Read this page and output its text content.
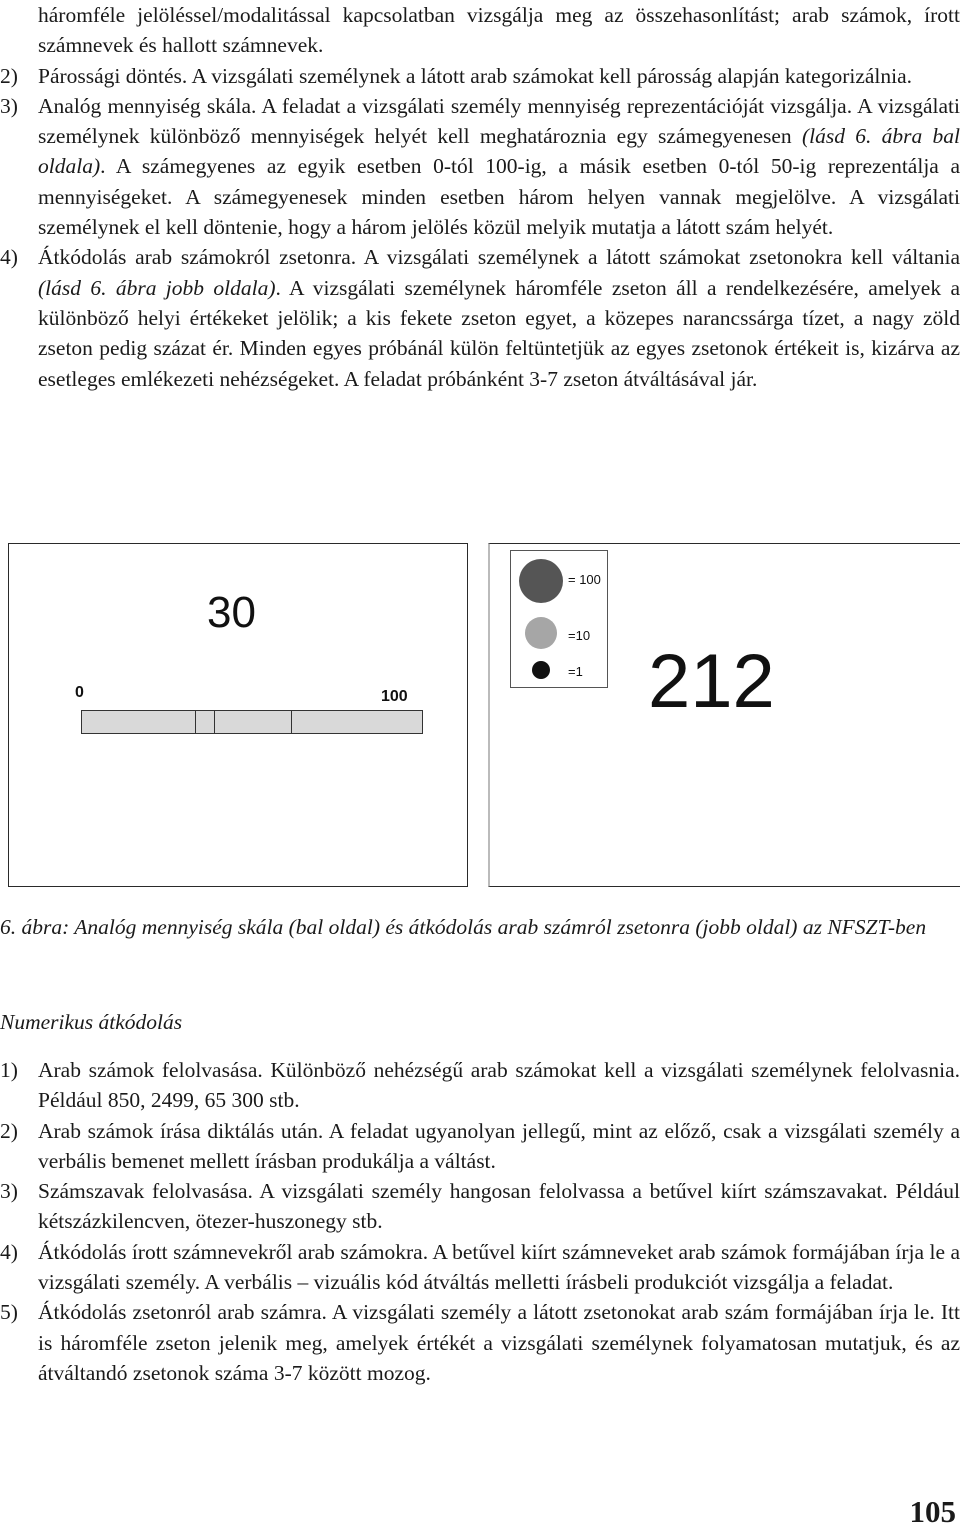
háromféle jelöléssel/modalitással kapcsolatban vizsgálja meg az összehasonlítást; arab számok, írott számnevek és hallott számnevek.
2) Párossági döntés. A vizsgálati személynek a látott arab számokat kell párosság alapján kategorizálnia.
3) Analóg mennyiség skála. A feladat a vizsgálati személy mennyiség reprezentációját vizsgálja. A vizsgálati személynek különböző mennyiségek helyét kell meghatároznia egy számegyenesen (lásd 6. ábra bal oldala). A számegyenes az egyik esetben 0-tól 100-ig, a másik esetben 0-tól 50-ig reprezentálja a mennyiségeket. A számegyenesek minden esetben három helyen vannak megjelölve. A vizsgálati személynek el kell döntenie, hogy a három jelölés közül melyik mutatja a látott szám helyét.
4) Átkódolás arab számokról zsetonra. A vizsgálati személynek a látott számokat zsetonokra kell váltania (lásd 6. ábra jobb oldala). A vizsgálati személynek háromféle zseton áll a rendelkezésére, amelyek a különböző helyi értékeket jelölik; a kis fekete zseton egyet, a közepes narancssárga tízet, a nagy zöld zseton pedig százat ér. Minden egyes próbánál külön feltüntetjük az egyes zsetonok értékeit is, kizárva az esetleges emlékezeti nehézségeket. A feladat próbánként 3-7 zseton átváltásával jár.
30
0	100
= 100
=10
=1 212
6. ábra: Analóg mennyiség skála (bal oldal) és átkódolás arab számról zsetonra (jobb oldal) az NFSZT-ben
Numerikus átkódolás
1) Arab számok felolvasása. Különböző nehézségű arab számokat kell a vizsgálati személynek felolvasnia. Például 850, 2499, 65 300 stb.
2) Arab számok írása diktálás után. A feladat ugyanolyan jellegű, mint az előző, csak a vizsgálati személy a verbális bemenet mellett írásban produkálja a váltást.
3) Számszavak felolvasása. A vizsgálati személy hangosan felolvassa a betűvel kiírt számszavakat. Például kétszázkilencven, ötezer-huszonegy stb.
4) Átkódolás írott számnevekről arab számokra. A betűvel kiírt számneveket arab számok formájában írja le a vizsgálati személy. A verbális – vizuális kód átváltás melletti írásbeli produkciót vizsgálja a feladat.
5) Átkódolás zsetonról arab számra. A vizsgálati személy a látott zsetonokat arab szám formájában írja le. Itt is háromféle zseton jelenik meg, amelyek értékét a vizsgálati személynek folyamatosan mutatjuk, és az átváltandó zsetonok száma 3-7 között mozog.
105
